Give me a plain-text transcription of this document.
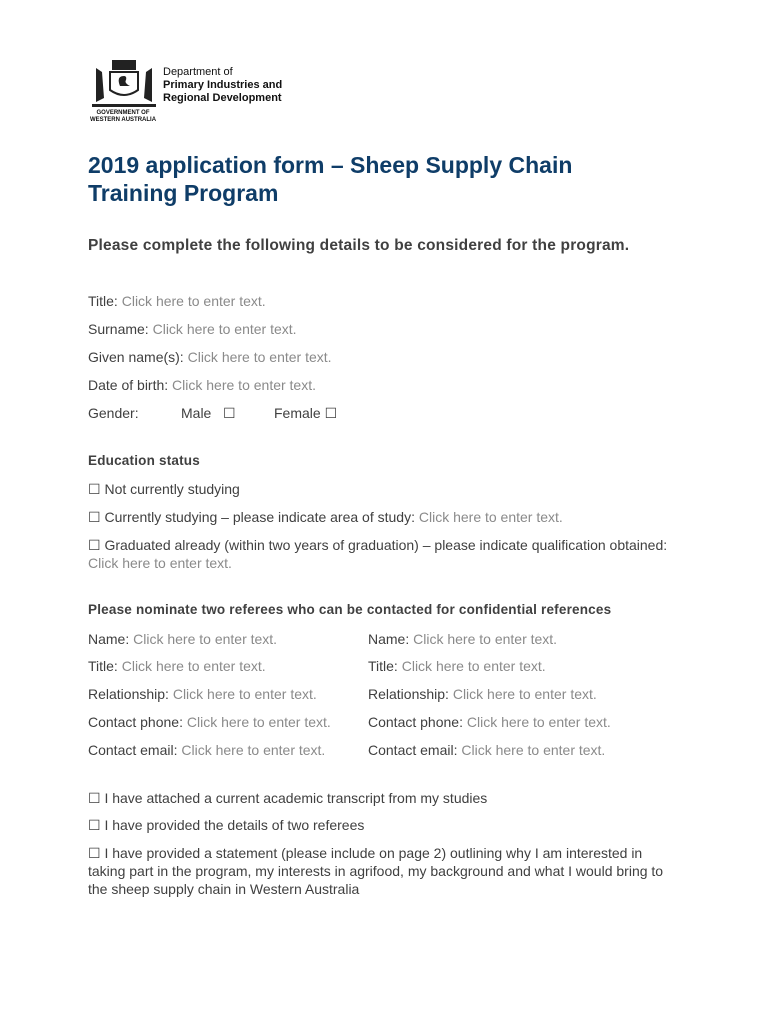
Department of
Primary Industries and
Regional Development
GOVERNMENT OF
WESTERN AUSTRALIA
2019 application form – Sheep Supply Chain Training Program
Please complete the following details to be considered for the program.
Title: Click here to enter text.
Surname: Click here to enter text.
Given name(s): Click here to enter text.
Date of birth: Click here to enter text.
Gender:	Male ☐	Female ☐
Education status
☐ Not currently studying
☐ Currently studying – please indicate area of study: Click here to enter text.
☐ Graduated already (within two years of graduation) – please indicate qualification obtained:  Click here to enter text.
Please nominate two referees who can be contacted for confidential references
Name: Click here to enter text.
Title: Click here to enter text.
Relationship: Click here to enter text.
Contact phone: Click here to enter text.
Contact email: Click here to enter text.
Name: Click here to enter text.
Title: Click here to enter text.
Relationship: Click here to enter text.
Contact phone: Click here to enter text.
Contact email: Click here to enter text.
☐ I have attached a current academic transcript from my studies
☐ I have provided the details of two referees
☐ I have provided a statement (please include on page 2) outlining why I am interested in taking part in the program, my interests in agrifood, my background and what I would bring to the sheep supply chain in Western Australia
